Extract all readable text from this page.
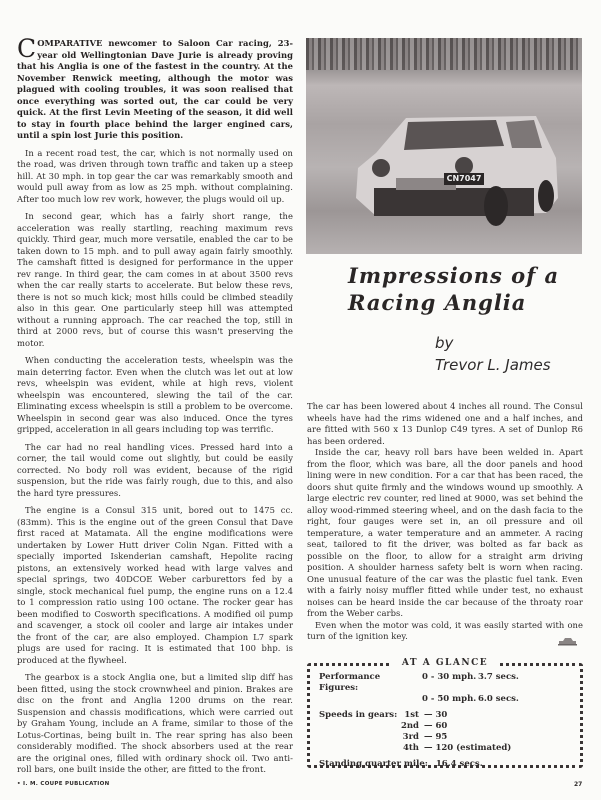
COMPARATIVE newcomer to Saloon Car racing, 23-year old Wellingtonian Dave Jurie is already proving that his Anglia is one of the fastest in the country. At the November Renwick meeting, although the motor was plagued with cooling troubles, it was soon realised that once everything was sorted out, the car could be very quick. At the first Levin Meeting of the season, it did well to stay in fourth place behind the larger engined cars, until a spin lost Jurie this position.

In a recent road test, the car, which is not normally used on the road, was driven through town traffic and taken up a steep hill. At 30 mph. in top gear the car was remarkably smooth and would pull away from as low as 25 mph. without complaining. After too much low rev work, however, the plugs would oil up.

In second gear, which has a fairly short range, the acceleration was really startling, reaching maximum revs quickly. Third gear, much more versatile, enabled the car to be taken down to 15 mph. and to pull away again fairly smoothly. The camshaft fitted is designed for performance in the upper rev range. In third gear, the cam comes in at about 3500 revs when the car really starts to accelerate. But below these revs, there is not so much kick; most hills could be climbed steadily also in this gear. One particularly steep hill was attempted without a running approach. The car reached the top, still in third at 2000 revs, but of course this wasn't preserving the motor.

When conducting the acceleration tests, wheelspin was the main deterring factor. Even when the clutch was let out at low revs, wheelspin was evident, while at high revs, violent wheelspin was encountered, slewing the tail of the car. Eliminating excess wheelspin is still a problem to be overcome. Wheelspin in second gear was also induced. Once the tyres gripped, acceleration in all gears including top was terrific.

The car had no real handling vices. Pressed hard into a corner, the tail would come out slightly, but could be easily corrected. No body roll was evident, because of the rigid suspension, but the ride was fairly rough, due to this, and also the hard tyre pressures.

The engine is a Consul 315 unit, bored out to 1475 cc. (83mm). This is the engine out of the green Consul that Dave first raced at Matamata. All the engine modifications were undertaken by Lower Hutt driver Colin Ngan. Fitted with a specially imported Iskenderian camshaft, Hepolite racing pistons, an extensively worked head with large valves and special springs, two 40DCOE Weber carburettors fed by a single, stock mechanical fuel pump, the engine runs on a 12.4 to 1 compression ratio using 100 octane. The rocker gear has been modified to Cosworth specifications. A modified oil pump and scavenger, a stock oil cooler and large air intakes under the front of the car, are also employed. Champion L7 spark plugs are used for racing. It is estimated that 100 bhp. is produced at the flywheel.

The gearbox is a stock Anglia one, but a limited slip diff has been fitted, using the stock crownwheel and pinion. Brakes are disc on the front and Anglia 1200 drums on the rear. Suspension and chassis modifications, which were carried out by Graham Young, include an A frame, similar to those of the Lotus-Cortinas, being built in. The rear spring has also been considerably modified. The shock absorbers used at the rear are the original ones, filled with ordinary shock oil. Two anti-roll bars, one built inside the other, are fitted to the front.

CN7047
Impressions of a
Racing Anglia
by
Trevor L. James

The car has been lowered about 4 inches all round. The Consul wheels have had the rims widened one and a half inches, and are fitted with 560 x 13 Dunlop C49 tyres. A set of Dunlop R6 has been ordered.

Inside the car, heavy roll bars have been welded in. Apart from the floor, which was bare, all the door panels and hood lining were in new condition. For a car that has been raced, the doors shut quite firmly and the windows wound up smoothly. A large electric rev counter, red lined at 9000, was set behind the alloy wood-rimmed steering wheel, and on the dash facia to the right, four gauges were set in, an oil pressure and oil temperature, a water temperature and an ammeter. A racing seat, tailored to fit the driver, was bolted as far back as possible on the floor, to allow for a straight arm driving position. A shoulder harness safety belt is worn when racing. One unusual feature of the car was the plastic fuel tank. Even with a fairly noisy muffler fitted while under test, no exhaust noises can be heard inside the car because of the throaty roar from the Weber carbs.

Even when the motor was cold, it was easily started with one turn of the ignition key.

AT A GLANCE
Performance Figures:
0 - 30 mph. 3.7 secs.
0 - 50 mph. 6.0 secs.
Speeds in gears: 1st — 30
2nd — 60
3rd — 95
4th — 120 (estimated)
Standing quarter mile: 16.4 secs.
• I. M. COUPE PUBLICATION	27
